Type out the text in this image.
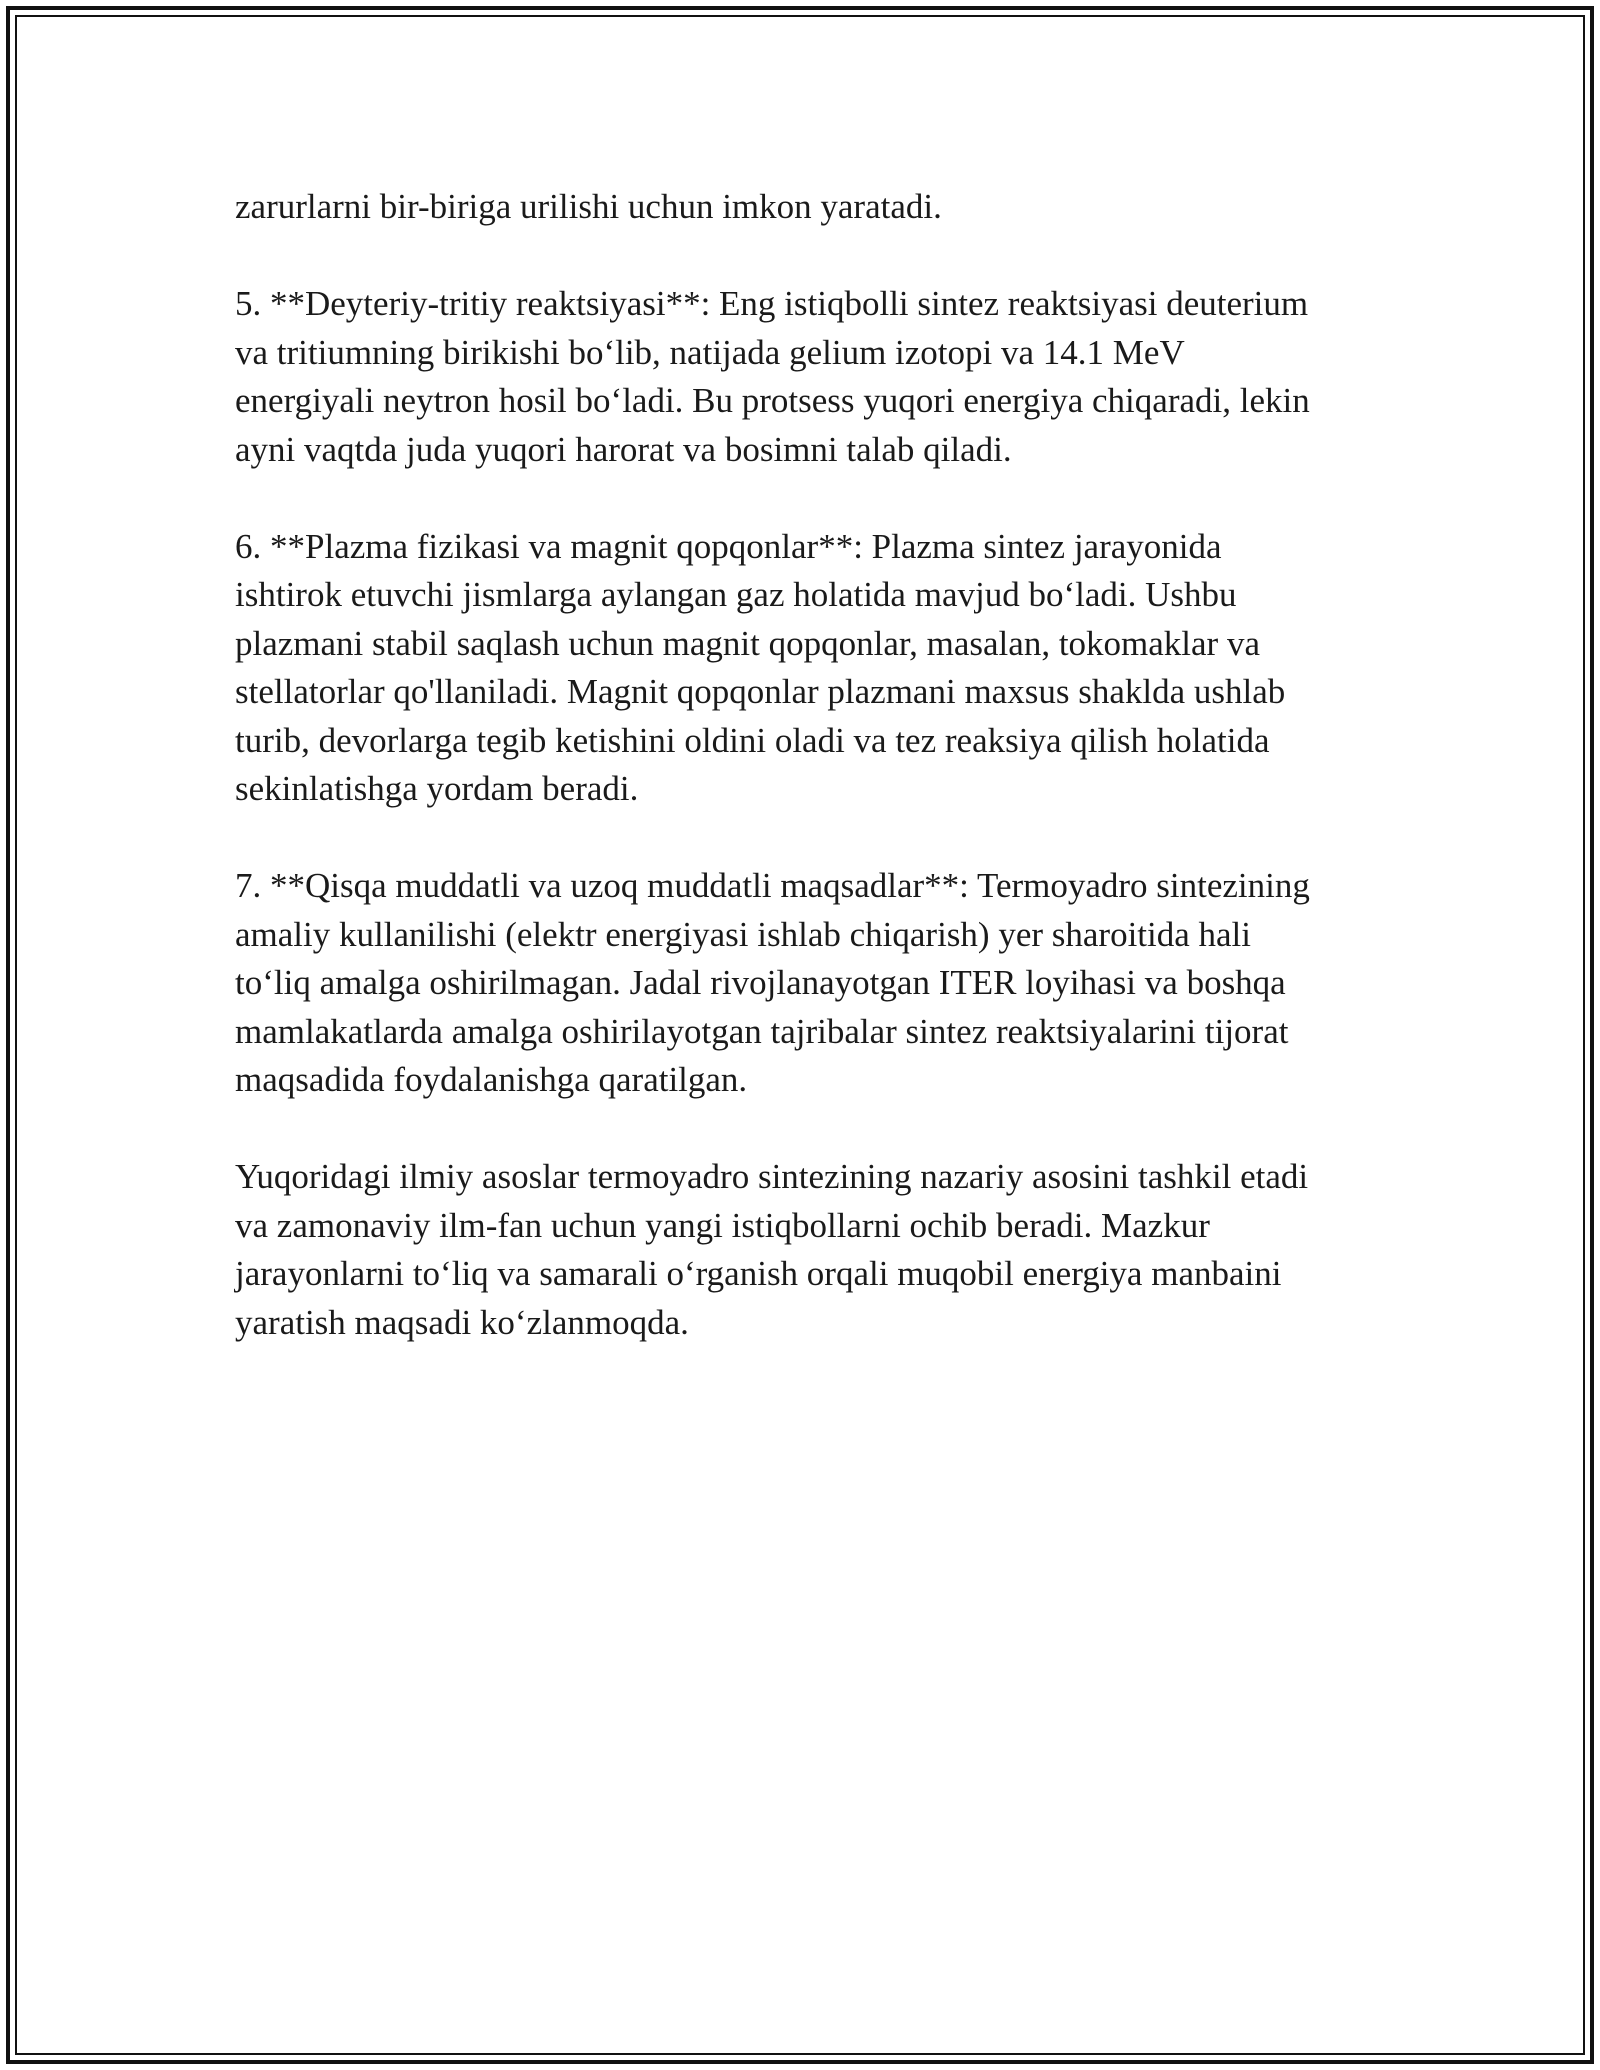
zarurlarni bir-biriga urilishi uchun imkon yaratadi.

5. **Deyteriy-tritiy reaktsiyasi**: Eng istiqbolli sintez reaktsiyasi deuterium
va tritiumning birikishi bo‘lib, natijada gelium izotopi va 14.1 MeV
energiyali neytron hosil bo‘ladi. Bu protsess yuqori energiya chiqaradi, lekin
ayni vaqtda juda yuqori harorat va bosimni talab qiladi.

6. **Plazma fizikasi va magnit qopqonlar**: Plazma sintez jarayonida
ishtirok etuvchi jismlarga aylangan gaz holatida mavjud bo‘ladi. Ushbu
plazmani stabil saqlash uchun magnit qopqonlar, masalan, tokomaklar va
stellatorlar qo'llaniladi. Magnit qopqonlar plazmani maxsus shaklda ushlab
turib, devorlarga tegib ketishini oldini oladi va tez reaksiya qilish holatida
sekinlatishga yordam beradi.

7. **Qisqa muddatli va uzoq muddatli maqsadlar**: Termoyadro sintezining
amaliy kullanilishi (elektr energiyasi ishlab chiqarish) yer sharoitida hali
to‘liq amalga oshirilmagan. Jadal rivojlanayotgan ITER loyihasi va boshqa
mamlakatlarda amalga oshirilayotgan tajribalar sintez reaktsiyalarini tijorat
maqsadida foydalanishga qaratilgan.

Yuqoridagi ilmiy asoslar termoyadro sintezining nazariy asosini tashkil etadi
va zamonaviy ilm-fan uchun yangi istiqbollarni ochib beradi. Mazkur
jarayonlarni to‘liq va samarali o‘rganish orqali muqobil energiya manbaini
yaratish maqsadi ko‘zlanmoqda.
